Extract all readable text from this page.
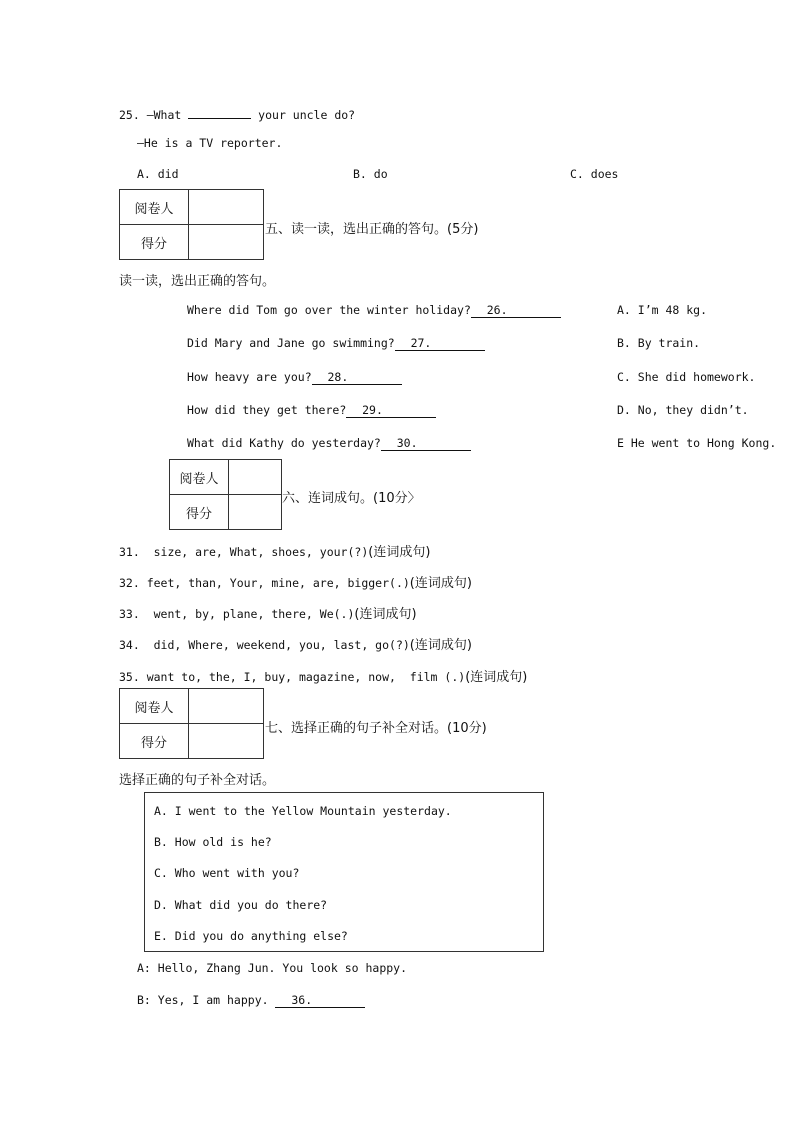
25. —What	your uncle do?
—He is a TV reporter.
A. did	B. do	C. does
阅卷人	
得分	
五、读一读，选出正确的答句。(5分)
读一读，选出正确的答句。
Where did Tom go over the winter holiday? 26.
Did Mary and Jane go swimming? 27.
How heavy are you? 28.
How did they get there? 29.
What did Kathy do yesterday? 30.
A. I’m 48 kg.
B. By train.
C. She did homework.
D. No, they didn’t.
E He went to Hong Kong.
阅卷人	
得分	
六、连词成句。(10分〉
31.  size, are, What, shoes, your(?)(连词成句)
32. feet, than, Your, mine, are, bigger(.)(连词成句)
33.  went, by, plane, there, We(.)(连词成句)
34.  did, Where, weekend, you, last, go(?)(连词成句)
35. want to, the, I, buy, magazine, now,  film (.)(连词成句)
阅卷人	
得分	
七、选择正确的句子补全对话。(10分)
选择正确的句子补全对话。
A. I went to the Yellow Mountain yesterday.
B. How old is he?
C. Who went with you?
D. What did you do there?
E. Did you do anything else?
A: Hello, Zhang Jun. You look so happy.
B: Yes, I am happy.   36.
